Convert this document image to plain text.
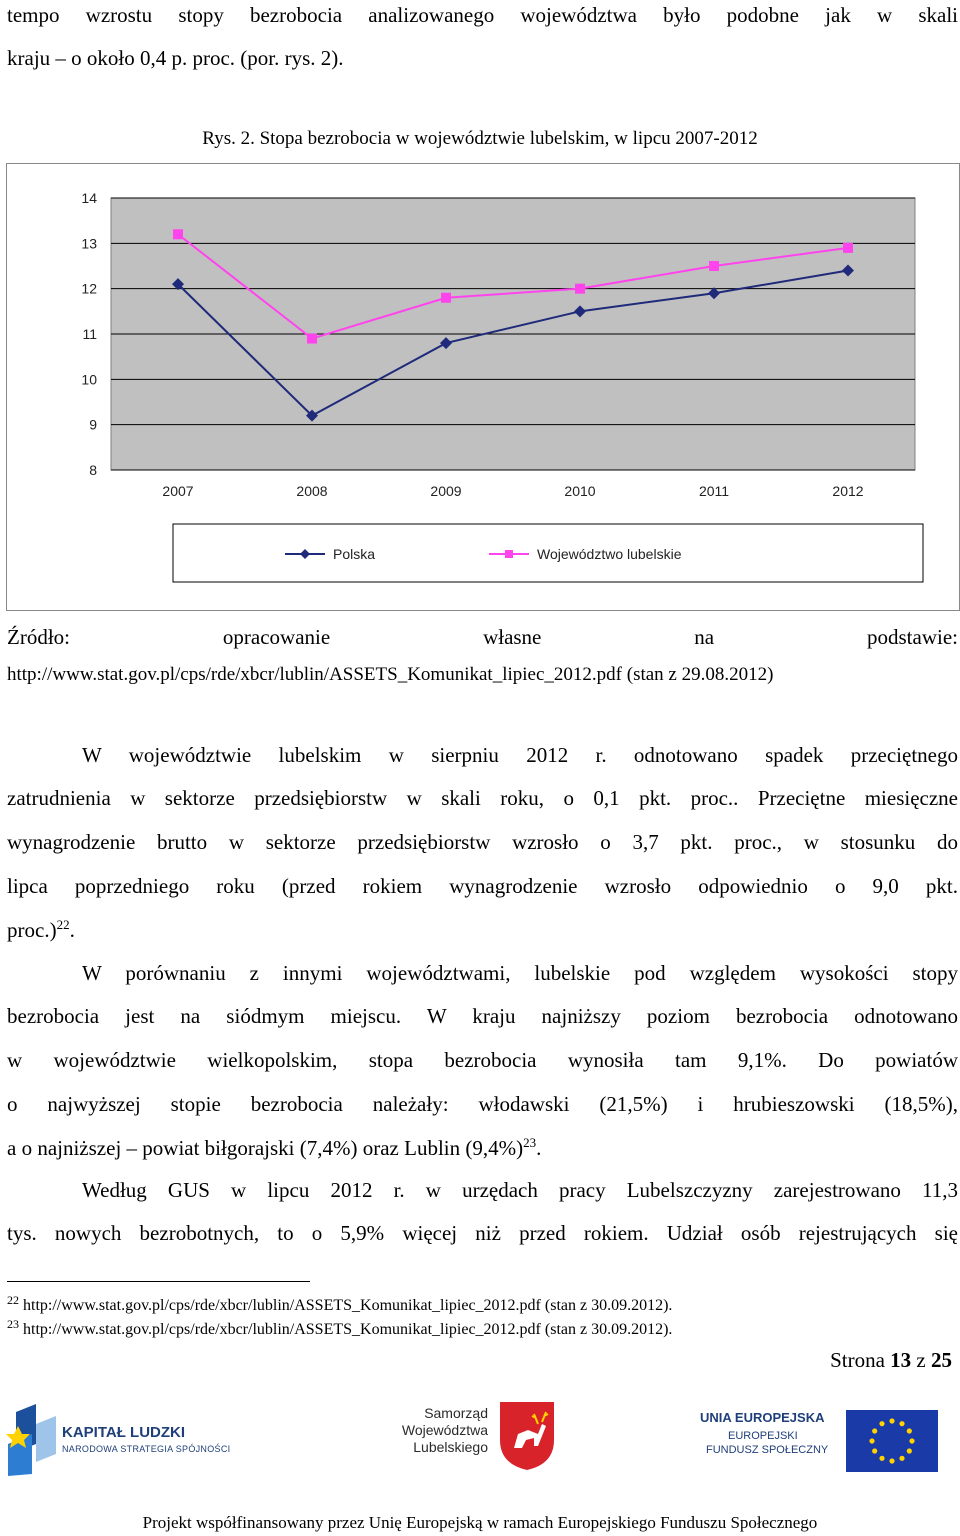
tempo wzrostu stopy bezrobocia analizowanego województwa było podobne jak w skali
kraju – o około 0,4 p. proc. (por. rys. 2).
Rys. 2. Stopa bezrobocia w województwie lubelskim, w lipcu 2007-2012
8
9
10
11
12
13
14
2007	2008	2009	2010	2011	2012
Polska	Województwo lubelskie
Źródło:	opracowanie	własne	na	podstawie:
http://www.stat.gov.pl/cps/rde/xbcr/lublin/ASSETS_Komunikat_lipiec_2012.pdf (stan z 29.08.2012)
W województwie lubelskim w sierpniu 2012 r. odnotowano spadek przeciętnego
zatrudnienia w sektorze przedsiębiorstw w skali roku, o 0,1 pkt. proc.. Przeciętne miesięczne
wynagrodzenie brutto w sektorze przedsiębiorstw wzrosło o 3,7 pkt. proc., w stosunku do
lipca poprzedniego roku (przed rokiem wynagrodzenie wzrosło odpowiednio o 9,0 pkt.
proc.)$^{22}$.
W porównaniu z innymi województwami, lubelskie pod względem wysokości stopy
bezrobocia jest na siódmym miejscu. W kraju najniższy poziom bezrobocia odnotowano
w województwie wielkopolskim, stopa bezrobocia wynosiła tam 9,1%. Do powiatów
o najwyższej stopie bezrobocia należały: włodawski (21,5%) i hrubieszowski (18,5%),
a o najniższej – powiat biłgorajski (7,4%) oraz Lublin $(9,4\%)^{23}$.
Według GUS w lipcu 2012 r. w urzędach pracy Lubelszczyzny zarejestrowano 11,3
tys. nowych bezrobotnych, to o 5,9% więcej niż przed rokiem. Udział osób rejestrujących się
$^{22}$ http://www.stat.gov.pl/cps/rde/xbcr/lublin/ASSETS_Komunikat_lipiec_2012.pdf (stan z 30.09.2012).
$^{23}$ http://www.stat.gov.pl/cps/rde/xbcr/lublin/ASSETS_Komunikat_lipiec_2012.pdf (stan z 30.09.2012).
Strona 13 z 25
KAPITAŁ LUDZKI
NARODOWA STRATEGIA SPÓJNOŚCI
Samorząd
Województwa
Lubelskiego
UNIA EUROPEJSKA
EUROPEJSKI
FUNDUSZ SPOŁECZNY
Projekt współfinansowany przez Unię Europejską w ramach Europejskiego Funduszu Społecznego
